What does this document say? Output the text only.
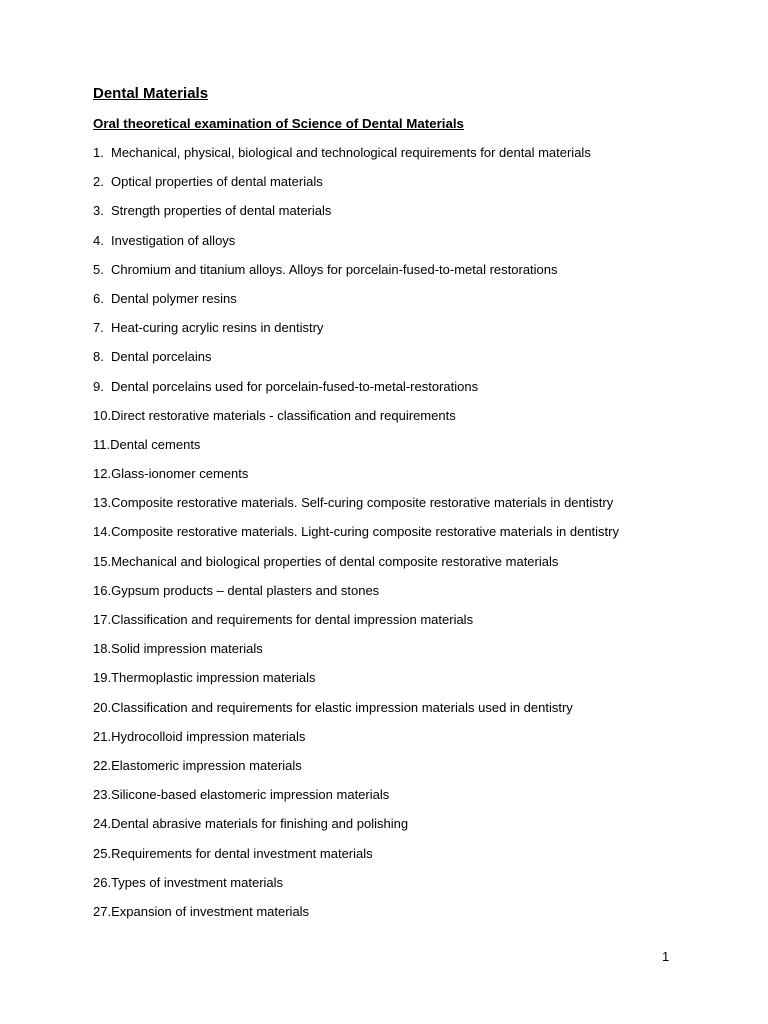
Dental Materials
Oral theoretical examination of Science of Dental Materials
1. Mechanical, physical, biological and technological requirements for dental materials
2. Optical properties of dental materials
3. Strength properties of dental materials
4. Investigation of alloys
5. Chromium and titanium alloys. Alloys for porcelain-fused-to-metal restorations
6. Dental polymer resins
7. Heat-curing acrylic resins in dentistry
8. Dental porcelains
9. Dental porcelains used for porcelain-fused-to-metal-restorations
10.Direct restorative materials - classification and requirements
11.Dental cements
12.Glass-ionomer cements
13.Composite restorative materials. Self-curing composite restorative materials in dentistry
14.Composite restorative materials. Light-curing composite restorative materials in dentistry
15.Mechanical and biological properties of dental composite restorative materials
16.Gypsum products – dental plasters and stones
17.Classification and requirements for dental impression materials
18.Solid impression materials
19.Thermoplastic impression materials
20.Classification and requirements for elastic impression materials used in dentistry
21.Hydrocolloid impression materials
22.Elastomeric impression materials
23.Silicone-based elastomeric impression materials
24.Dental abrasive materials for finishing and polishing
25.Requirements for dental investment materials
26.Types of investment materials
27.Expansion of investment materials
1
